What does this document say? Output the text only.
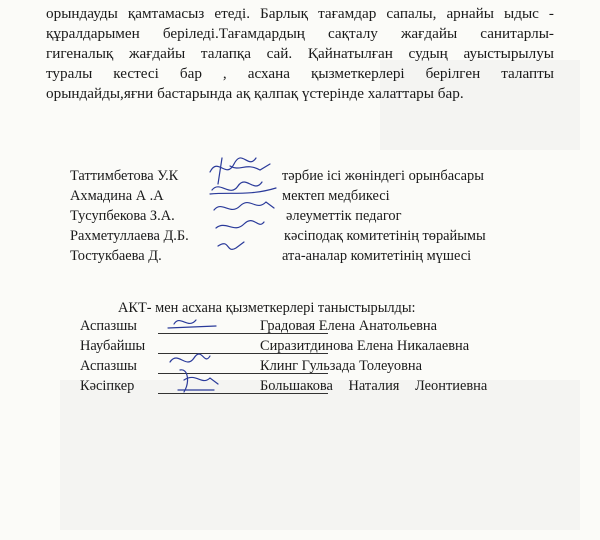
орындауды қамтамасыз етеді. Барлық тағамдар сапалы, арнайы ыдыс -
құралдарымен беріледі.Тағамдардың сақталу жағдайы санитарлы-
гигеналық жағдайы талапқа сай. Қайнатылған судың ауыстырылуы
туралы кестесі бар , асхана қызметкерлері берілген талапты
орындайды,яғни бастарында ақ қалпақ үстерінде халаттары бар.
Таттимбетова У.К	тәрбие ісі жөніндегі орынбасары
Ахмадина А .А	мектеп медбикесі
Тусупбекова З.А.	әлеуметтік педагог
Рахметуллаева Д.Б.	кәсіподақ комитетінің төрайымы
Тостукбаева Д.	ата-аналар комитетінің мүшесі
АКТ- мен асхана қызметкерлері таныстырылды:
Аспазшы	Градовая Елена Анатольевна
Наубайшы	Сиразитдинова Елена Никалаевна
Аспазшы	Клинг Гульзада Толеуовна
Кәсіпкер	Большакова Наталия Леонтиевна
